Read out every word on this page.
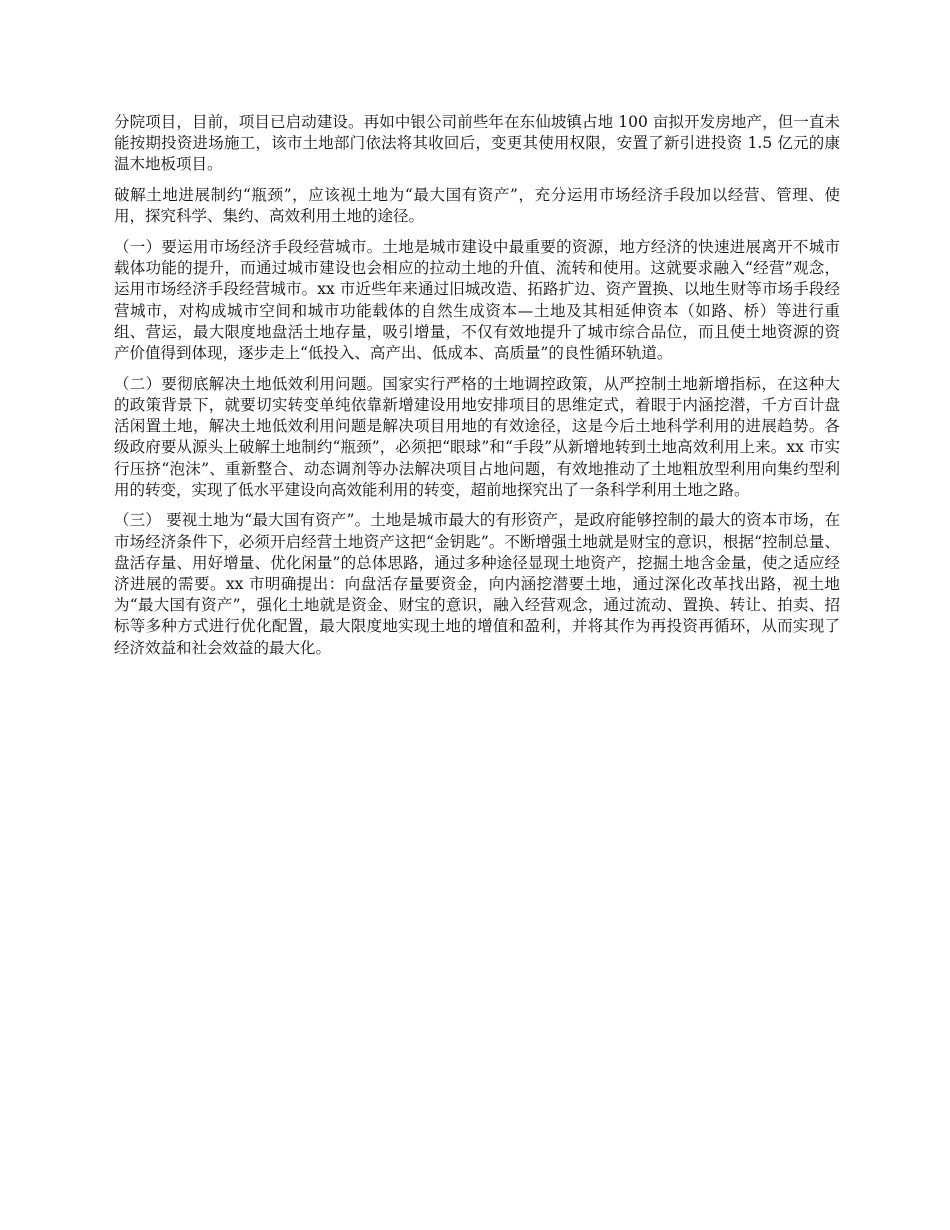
分院项目，目前，项目已启动建设。再如中银公司前些年在东仙坡镇占地 100 亩拟开发房地产，但一直未能按期投资进场施工，该市土地部门依法将其收回后，变更其使用权限，安置了新引进投资 1.5 亿元的康温木地板项目。

破解土地进展制约“瓶颈”，应该视土地为“最大国有资产”，充分运用市场经济手段加以经营、管理、使用，探究科学、集约、高效利用土地的途径。

（一）要运用市场经济手段经营城市。土地是城市建设中最重要的资源，地方经济的快速进展离开不城市载体功能的提升，而通过城市建设也会相应的拉动土地的升值、流转和使用。这就要求融入“经营”观念，运用市场经济手段经营城市。xx 市近些年来通过旧城改造、拓路扩边、资产置换、以地生财等市场手段经营城市，对构成城市空间和城市功能载体的自然生成资本—土地及其相延伸资本（如路、桥）等进行重组、营运，最大限度地盘活土地存量，吸引增量，不仅有效地提升了城市综合品位，而且使土地资源的资产价值得到体现，逐步走上“低投入、高产出、低成本、高质量”的良性循环轨道。

（二）要彻底解决土地低效利用问题。国家实行严格的土地调控政策，从严控制土地新增指标，在这种大的政策背景下，就要切实转变单纯依靠新增建设用地安排项目的思维定式，着眼于内涵挖潜，千方百计盘活闲置土地，解决土地低效利用问题是解决项目用地的有效途径，这是今后土地科学利用的进展趋势。各级政府要从源头上破解土地制约“瓶颈”，必须把“眼球”和“手段”从新增地转到土地高效利用上来。xx 市实行压挤“泡沫”、重新整合、动态调剂等办法解决项目占地问题，有效地推动了土地粗放型利用向集约型利用的转变，实现了低水平建设向高效能利用的转变，超前地探究出了一条科学利用土地之路。

（三） 要视土地为“最大国有资产”。土地是城市最大的有形资产，是政府能够控制的最大的资本市场，在市场经济条件下，必须开启经营土地资产这把“金钥匙”。不断增强土地就是财宝的意识，根据“控制总量、盘活存量、用好增量、优化闲量”的总体思路，通过多种途径显现土地资产，挖掘土地含金量，使之适应经济进展的需要。xx 市明确提出：向盘活存量要资金，向内涵挖潜要土地，通过深化改革找出路，视土地为“最大国有资产”，强化土地就是资金、财宝的意识，融入经营观念，通过流动、置换、转让、拍卖、招标等多种方式进行优化配置，最大限度地实现土地的增值和盈利，并将其作为再投资再循环，从而实现了经济效益和社会效益的最大化。
